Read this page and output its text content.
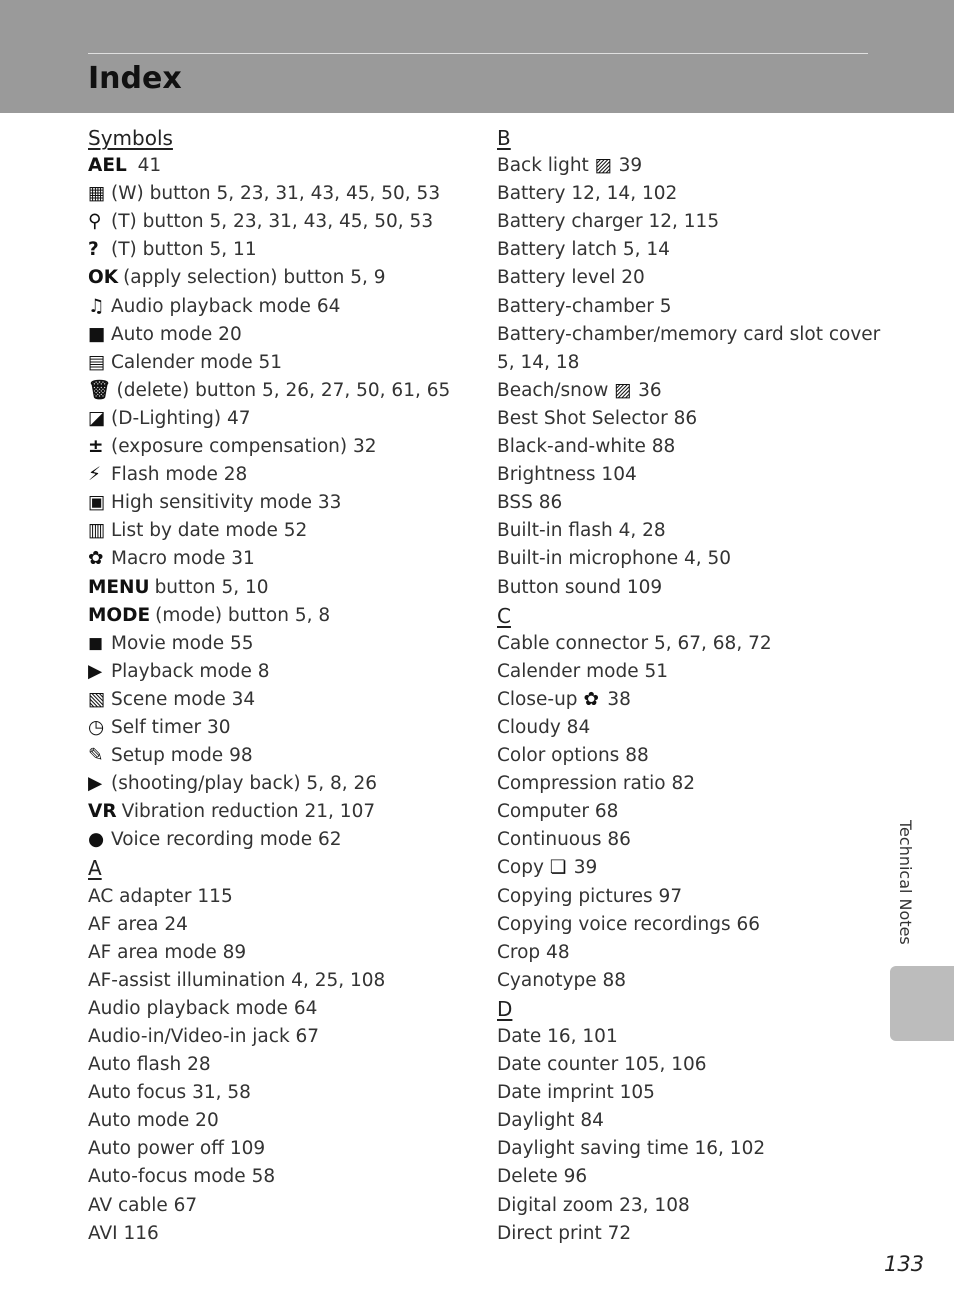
Index
Symbols
AEL 41
▦ (W) button 5, 23, 31, 43, 45, 50, 53
⚲ (T) button 5, 23, 31, 43, 45, 50, 53
? (T) button 5, 11
OK (apply selection) button 5, 9
♫ Audio playback mode 64
■ Auto mode 20
▤ Calender mode 51
🗑 (delete) button 5, 26, 27, 50, 61, 65
◪ (D-Lighting) 47
± (exposure compensation) 32
⚡ Flash mode 28
▣ High sensitivity mode 33
▥ List by date mode 52
✿ Macro mode 31
MENU button 5, 10
MODE (mode) button 5, 8
◼ Movie mode 55
▶ Playback mode 8
▧ Scene mode 34
◷ Self timer 30
✎ Setup mode 98
▶ (shooting/play back) 5, 8, 26
VR Vibration reduction 21, 107
● Voice recording mode 62
A
AC adapter 115
AF area 24
AF area mode 89
AF-assist illumination 4, 25, 108
Audio playback mode 64
Audio-in/Video-in jack 67
Auto flash 28
Auto focus 31, 58
Auto mode 20
Auto power off 109
Auto-focus mode 58
AV cable 67
AVI 116
B
Back light ▨ 39
Battery 12, 14, 102
Battery charger 12, 115
Battery latch 5, 14
Battery level 20
Battery-chamber 5
Battery-chamber/memory card slot cover
5, 14, 18
Beach/snow ▨ 36
Best Shot Selector 86
Black-and-white 88
Brightness 104
BSS 86
Built-in flash 4, 28
Built-in microphone 4, 50
Button sound 109
C
Cable connector 5, 67, 68, 72
Calender mode 51
Close-up ✿ 38
Cloudy 84
Color options 88
Compression ratio 82
Computer 68
Continuous 86
Copy ❏ 39
Copying pictures 97
Copying voice recordings 66
Crop 48
Cyanotype 88
D
Date 16, 101
Date counter 105, 106
Date imprint 105
Daylight 84
Daylight saving time 16, 102
Delete 96
Digital zoom 23, 108
Direct print 72
Technical Notes
133
